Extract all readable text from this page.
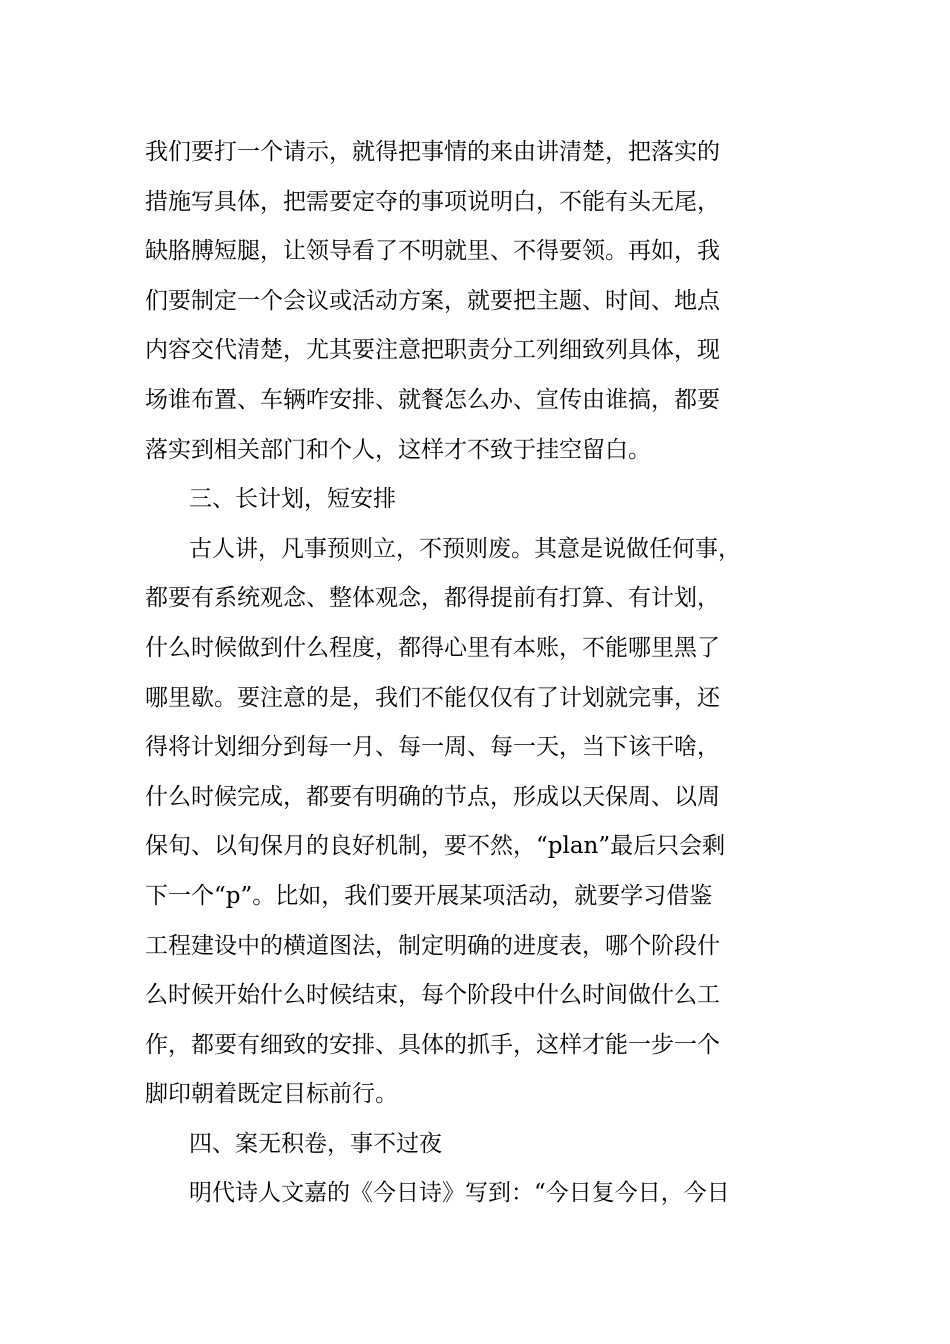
我们要打一个请示，就得把事情的来由讲清楚，把落实的
措施写具体，把需要定夺的事项说明白，不能有头无尾，
缺胳膊短腿，让领导看了不明就里、不得要领。再如，我
们要制定一个会议或活动方案，就要把主题、时间、地点
内容交代清楚，尤其要注意把职责分工列细致列具体，现
场谁布置、车辆咋安排、就餐怎么办、宣传由谁搞，都要
落实到相关部门和个人，这样才不致于挂空留白。
三、长计划，短安排
古人讲，凡事预则立，不预则废。其意是说做任何事，
都要有系统观念、整体观念，都得提前有打算、有计划，
什么时候做到什么程度，都得心里有本账，不能哪里黑了
哪里歇。要注意的是，我们不能仅仅有了计划就完事，还
得将计划细分到每一月、每一周、每一天，当下该干啥，
什么时候完成，都要有明确的节点，形成以天保周、以周
保旬、以旬保月的良好机制，要不然，“plan”最后只会剩
下一个“p”。比如，我们要开展某项活动，就要学习借鉴
工程建设中的横道图法，制定明确的进度表，哪个阶段什
么时候开始什么时候结束，每个阶段中什么时间做什么工
作，都要有细致的安排、具体的抓手，这样才能一步一个
脚印朝着既定目标前行。
四、案无积卷，事不过夜
明代诗人文嘉的《今日诗》写到：“今日复今日，今日
